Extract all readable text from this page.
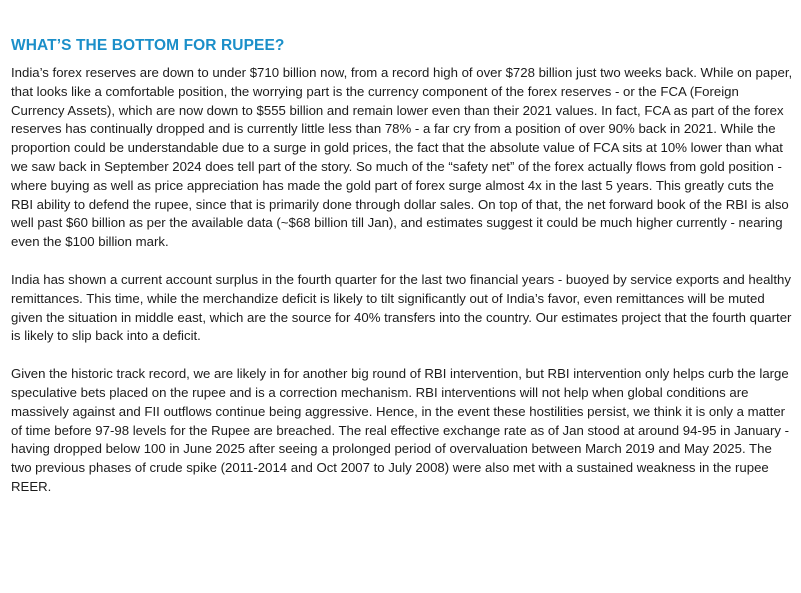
WHAT’S THE BOTTOM FOR RUPEE?

India’s forex reserves are down to under $710 billion now, from a record high of over $728 billion just two weeks back. While on paper, that looks like a comfortable position, the worrying part is the currency component of the forex reserves - or the FCA (Foreign Currency Assets), which are now down to $555 billion and remain lower even than their 2021 values. In fact, FCA as part of the forex reserves has continually dropped and is currently little less than 78% - a far cry from a position of over 90% back in 2021. While the proportion could be understandable due to a surge in gold prices, the fact that the absolute value of FCA sits at 10% lower than what we saw back in September 2024 does tell part of the story. So much of the “safety net” of the forex actually flows from gold position - where buying as well as price appreciation has made the gold part of forex surge almost 4x in the last 5 years. This greatly cuts the RBI ability to defend the rupee, since that is primarily done through dollar sales. On top of that, the net forward book of the RBI is also well past $60 billion as per the available data (~$68 billion till Jan), and estimates suggest it could be much higher currently - nearing even the $100 billion mark.

India has shown a current account surplus in the fourth quarter for the last two financial years - buoyed by service exports and healthy remittances. This time, while the merchandize deficit is likely to tilt significantly out of India’s favor, even remittances will be muted given the situation in middle east, which are the source for 40% transfers into the country. Our estimates project that the fourth quarter is likely to slip back into a deficit.

Given the historic track record, we are likely in for another big round of RBI intervention, but RBI intervention only helps curb the large speculative bets placed on the rupee and is a correction mechanism. RBI interventions will not help when global conditions are massively against and FII outflows continue being aggressive. Hence, in the event these hostilities persist, we think it is only a matter of time before 97-98 levels for the Rupee are breached. The real effective exchange rate as of Jan stood at around 94-95 in January - having dropped below 100 in June 2025 after seeing a prolonged period of overvaluation between March 2019 and May 2025. The two previous phases of crude spike (2011-2014 and Oct 2007 to July 2008) were also met with a sustained weakness in the rupee REER.
